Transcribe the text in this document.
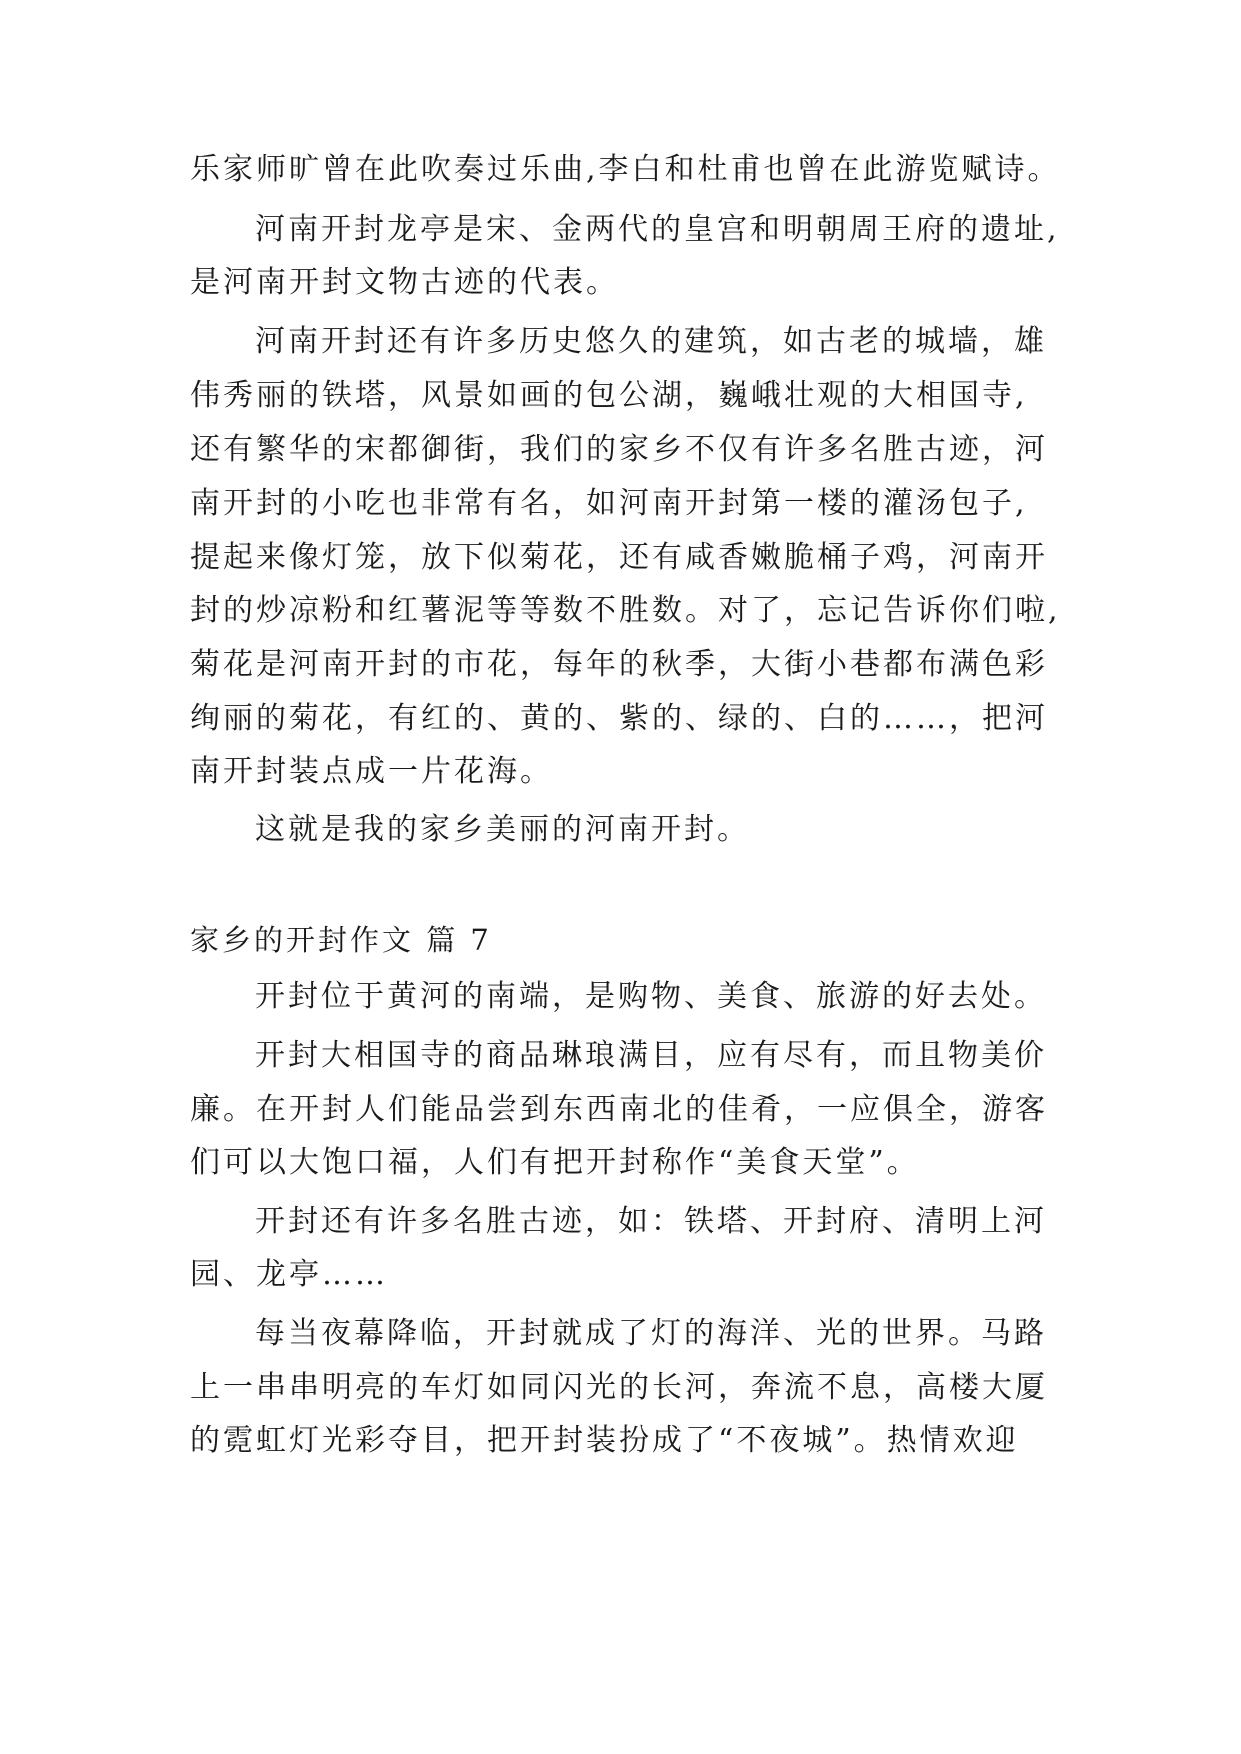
乐家师旷曾在此吹奏过乐曲,李白和杜甫也曾在此游览赋诗。
河南开封龙亭是宋、金两代的皇宫和明朝周王府的遗址,
是河南开封文物古迹的代表。
河南开封还有许多历史悠久的建筑，如古老的城墙，雄
伟秀丽的铁塔，风景如画的包公湖，巍峨壮观的大相国寺,
还有繁华的宋都御街，我们的家乡不仅有许多名胜古迹，河
南开封的小吃也非常有名，如河南开封第一楼的灌汤包子,
提起来像灯笼，放下似菊花，还有咸香嫩脆桶子鸡，河南开
封的炒凉粉和红薯泥等等数不胜数。对了，忘记告诉你们啦,
菊花是河南开封的市花，每年的秋季，大街小巷都布满色彩
绚丽的菊花，有红的、黄的、紫的、绿的、白的……，把河
南开封装点成一片花海。
这就是我的家乡美丽的河南开封。
家乡的开封作文 篇 7
开封位于黄河的南端，是购物、美食、旅游的好去处。
开封大相国寺的商品琳琅满目，应有尽有，而且物美价
廉。在开封人们能品尝到东西南北的佳肴，一应俱全，游客
们可以大饱口福，人们有把开封称作“美食天堂”。
开封还有许多名胜古迹，如：铁塔、开封府、清明上河
园、龙亭……
每当夜幕降临，开封就成了灯的海洋、光的世界。马路
上一串串明亮的车灯如同闪光的长河，奔流不息，高楼大厦
的霓虹灯光彩夺目，把开封装扮成了“不夜城”。热情欢迎
